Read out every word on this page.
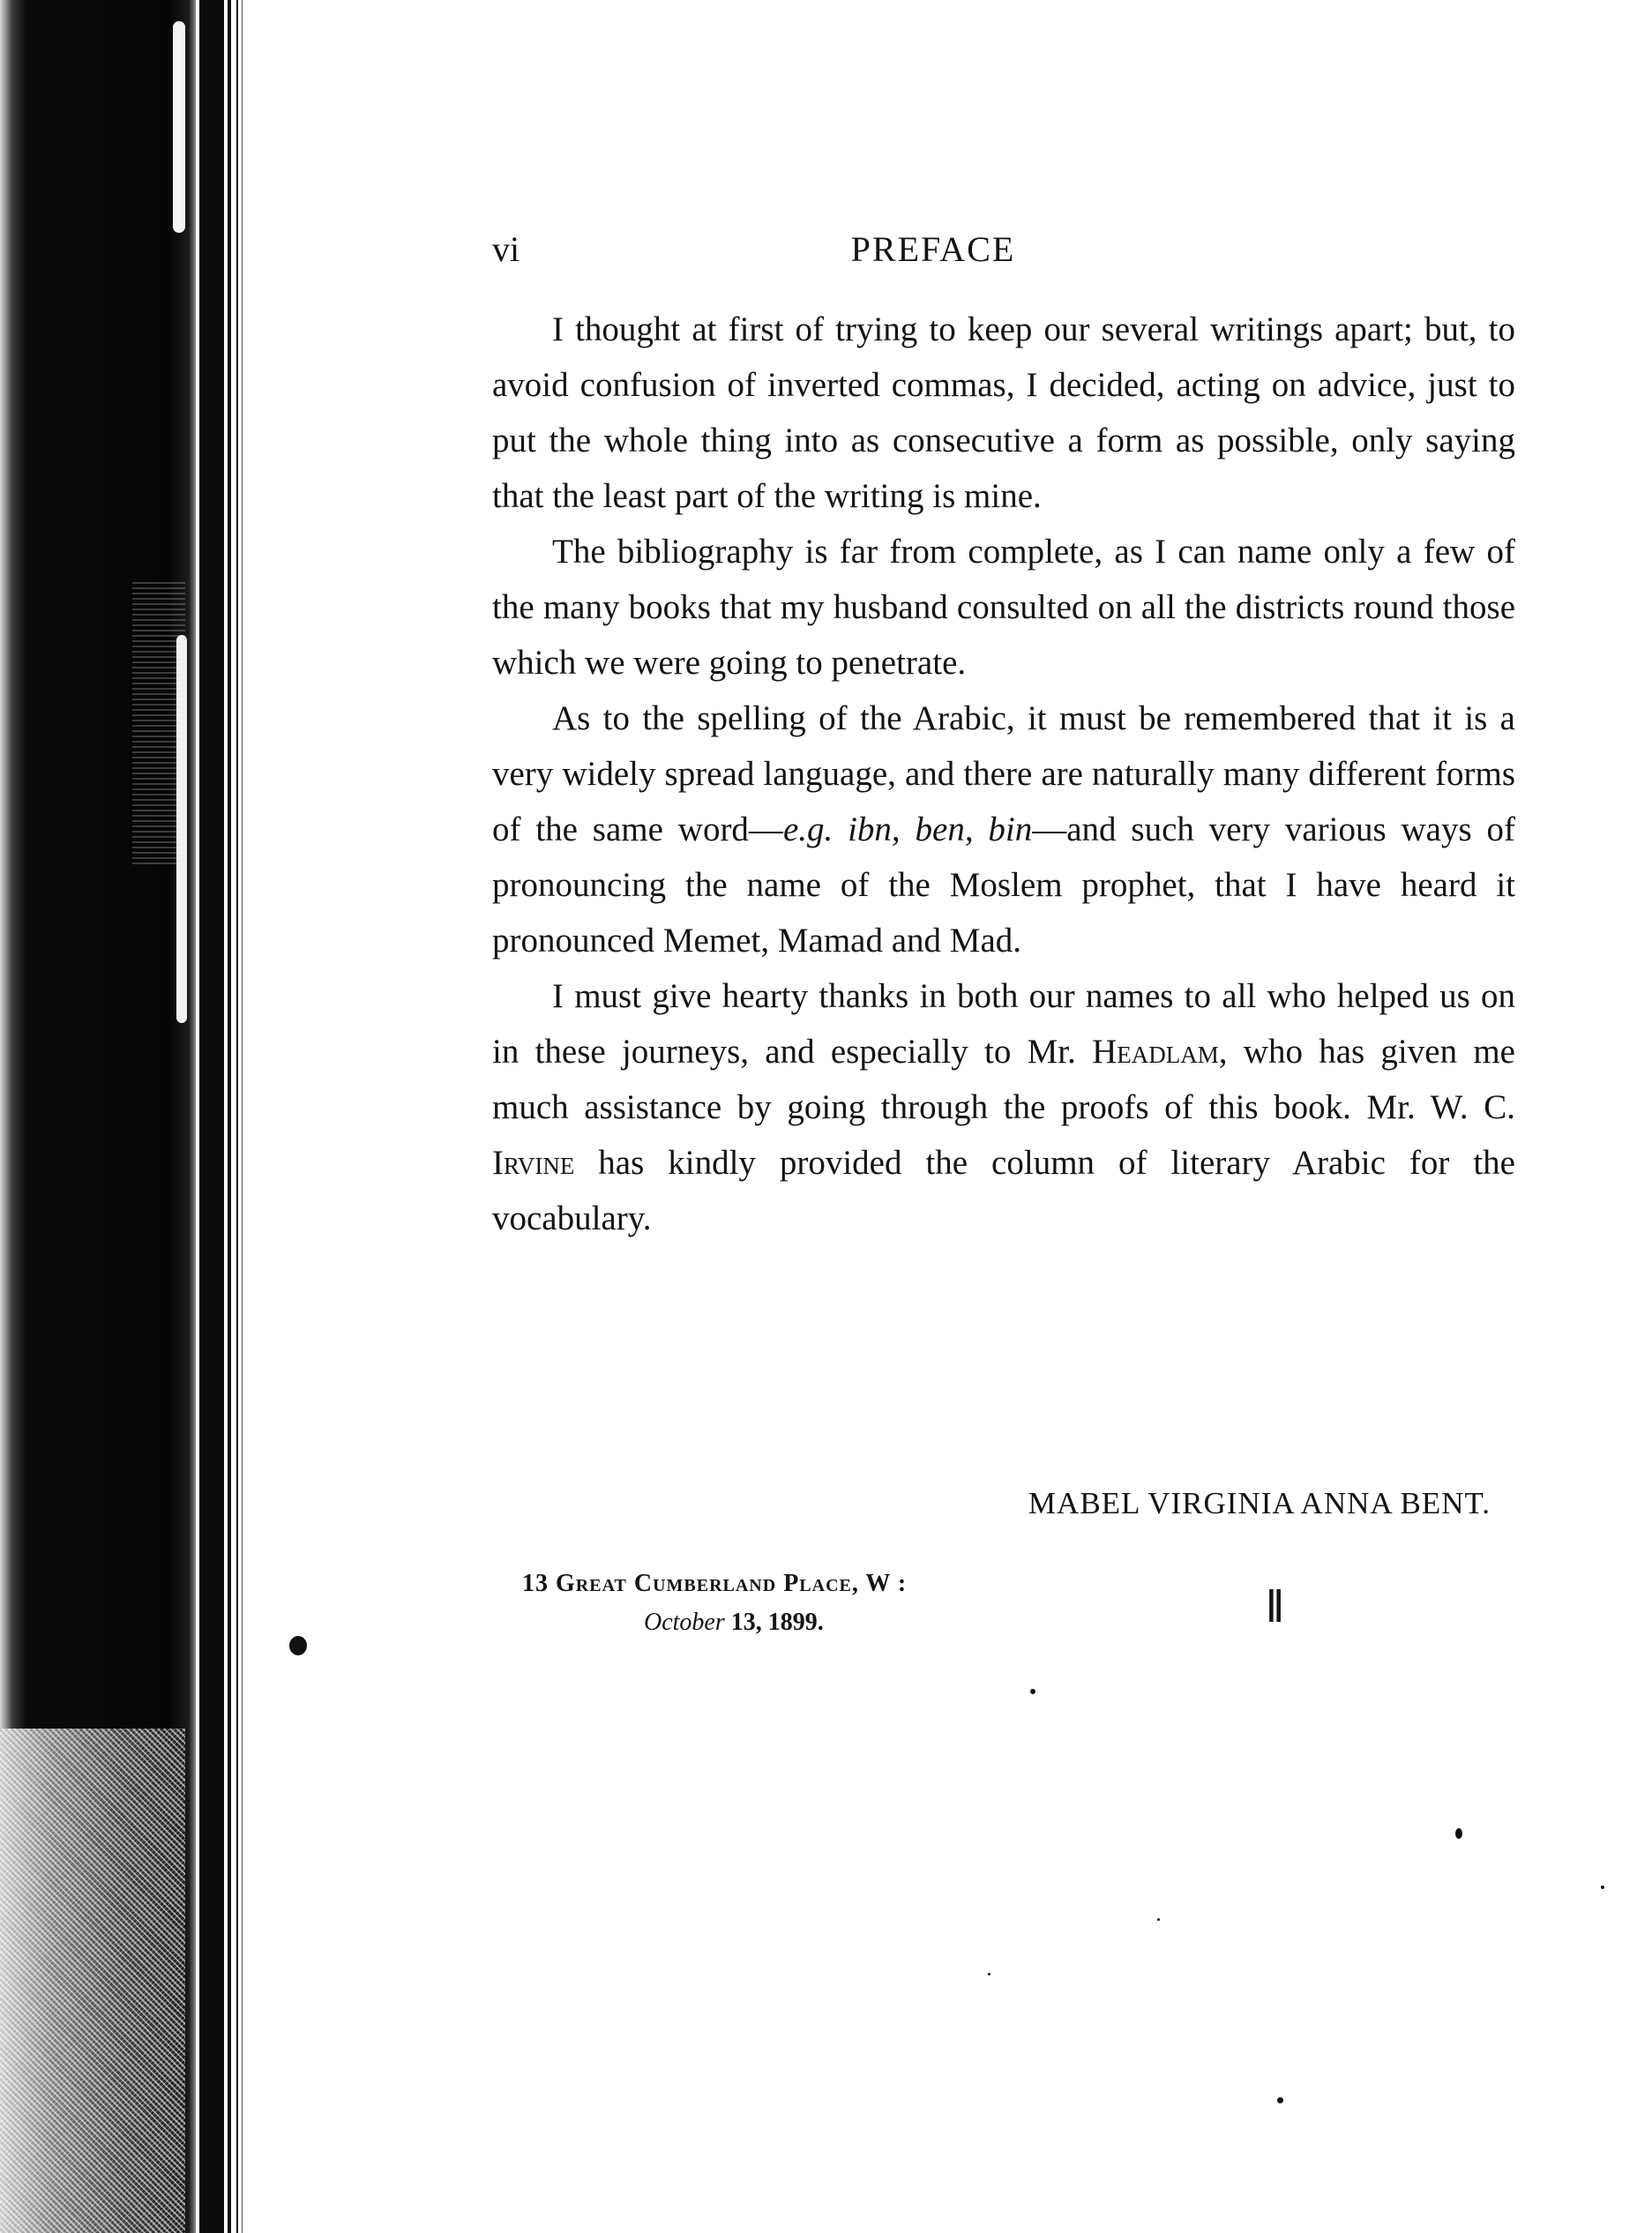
vi	PREFACE

I thought at first of trying to keep our several writings apart; but, to avoid confusion of inverted commas, I decided, acting on advice, just to put the whole thing into as consecutive a form as possible, only saying that the least part of the writing is mine.

The bibliography is far from complete, as I can name only a few of the many books that my husband consulted on all the districts round those which we were going to penetrate.

As to the spelling of the Arabic, it must be remembered that it is a very widely spread language, and there are naturally many different forms of the same word—e.g. ibn, ben, bin—and such very various ways of pronouncing the name of the Moslem prophet, that I have heard it pronounced Memet, Mamad and Mad.

I must give hearty thanks in both our names to all who helped us on in these journeys, and especially to Mr. Headlam, who has given me much assistance by going through the proofs of this book. Mr. W. C. Irvine has kindly provided the column of literary Arabic for the vocabulary.

MABEL VIRGINIA ANNA BENT.
13 Great Cumberland Place, W :
October 13, 1899.	∥
